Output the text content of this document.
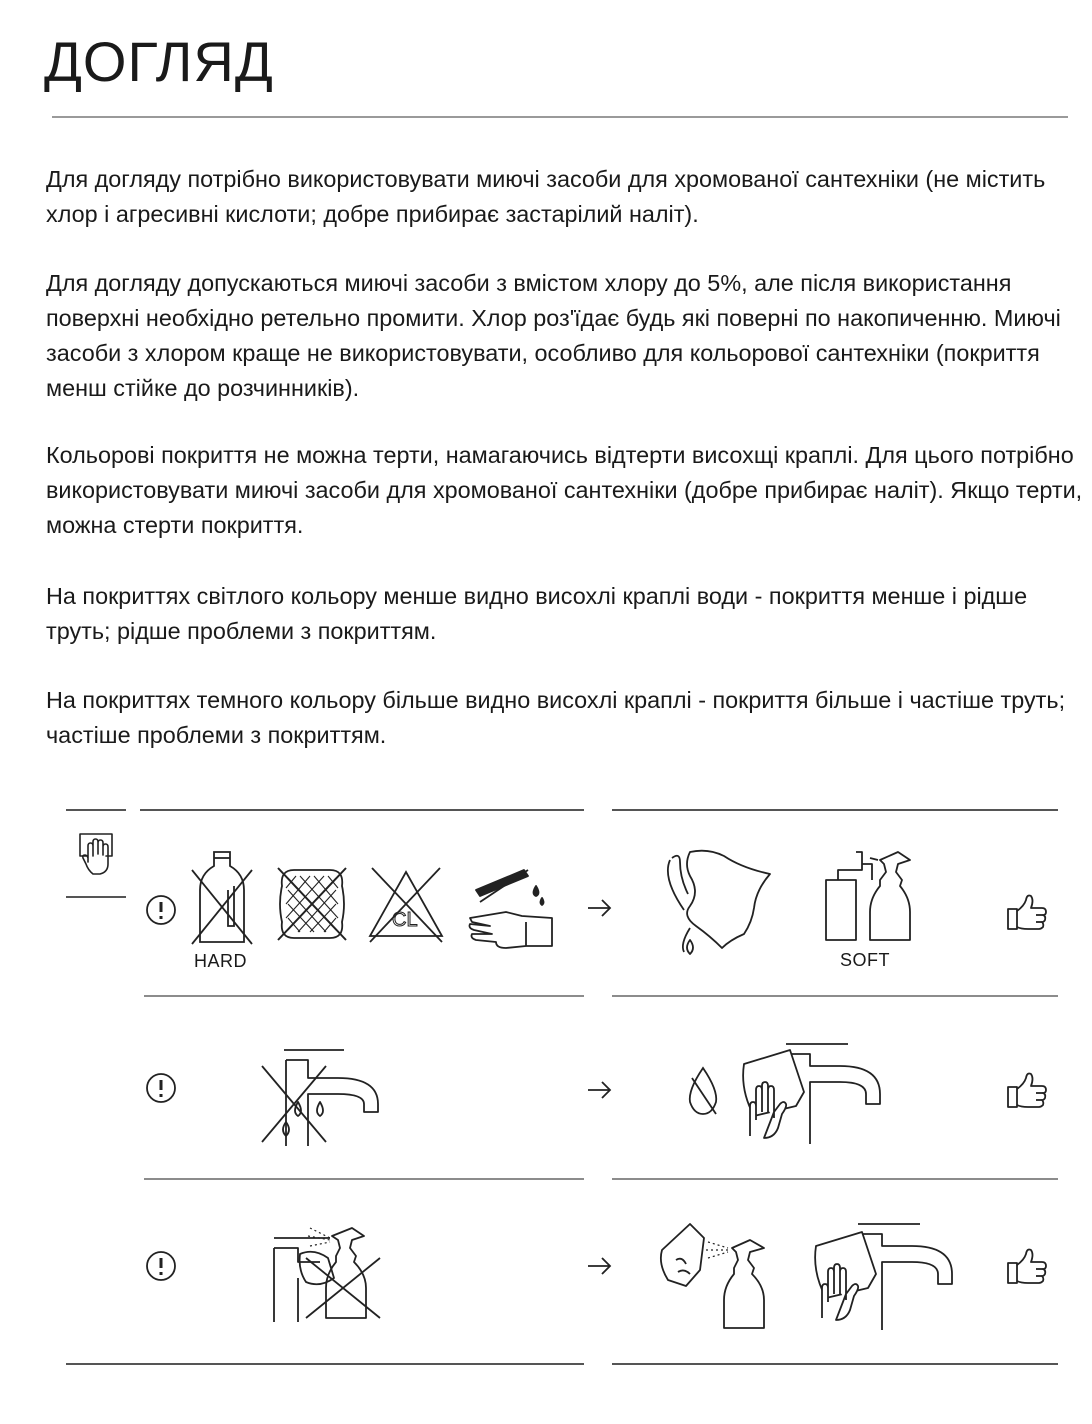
ДОГЛЯД

Для догляду потрібно використовувати миючі засоби для хромованої сантехніки (не містить хлор і агресивні кислоти; добре прибирає застарілий наліт).

Для догляду допускаються миючі засоби з вмістом хлору до 5%, але після використання поверхні необхідно ретельно промити. Хлор роз'їдає будь які поверні по накопиченню. Миючі засоби з хлором краще не використовувати, особливо для кольорової сантехніки (покриття менш стійке до розчинників).

Кольорові покриття не можна терти, намагаючись відтерти висохщі краплі. Для цього потрібно використовувати миючі засоби для хромованої сантехніки (добре прибирає наліт). Якщо терти, можна стерти покриття.

На покриттях світлого кольору менше видно висохлі краплі води - покриття менше і рідше труть; рідше проблеми з покриттям.

На покриттях темного кольору більше видно висохлі краплі - покриття більше і частіше труть; частіше проблеми з покриттям.

HARD
CL
SOFT
